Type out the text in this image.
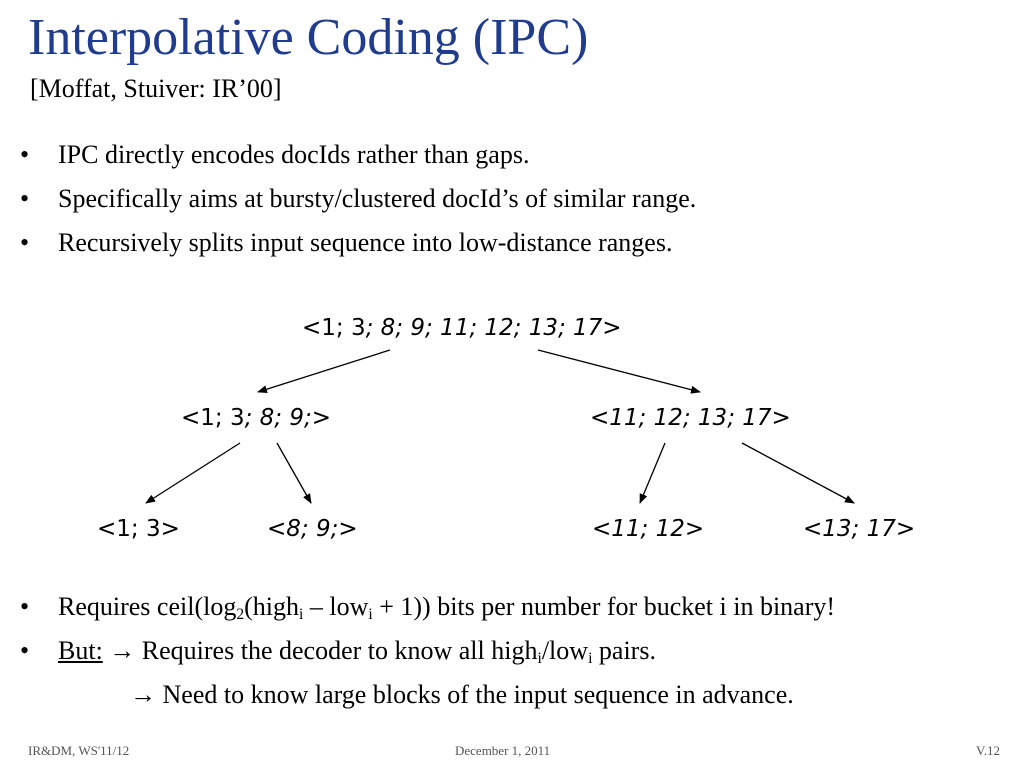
Interpolative Coding (IPC)
[Moffat, Stuiver: IR’00]
• IPC directly encodes docIds rather than gaps.
• Specifically aims at bursty/clustered docId’s of similar range.
• Recursively splits input sequence into low-distance ranges.
<1; 3; 8; 9; 11; 12; 13; 17>
<1; 3; 8; 9;>	<11; 12; 13; 17>
<1; 3>	<8; 9;>	<11; 12>	<13; 17>
• Requires $ceil(\log_2(high_i - low_i + 1))$ bits per number for bucket i in binary!
• But: → Requires the decoder to know all high$_i$/low$_i$ pairs.
→ Need to know large blocks of the input sequence in advance.
IR&DM, WS'11/12	December 1, 2011	V.12
